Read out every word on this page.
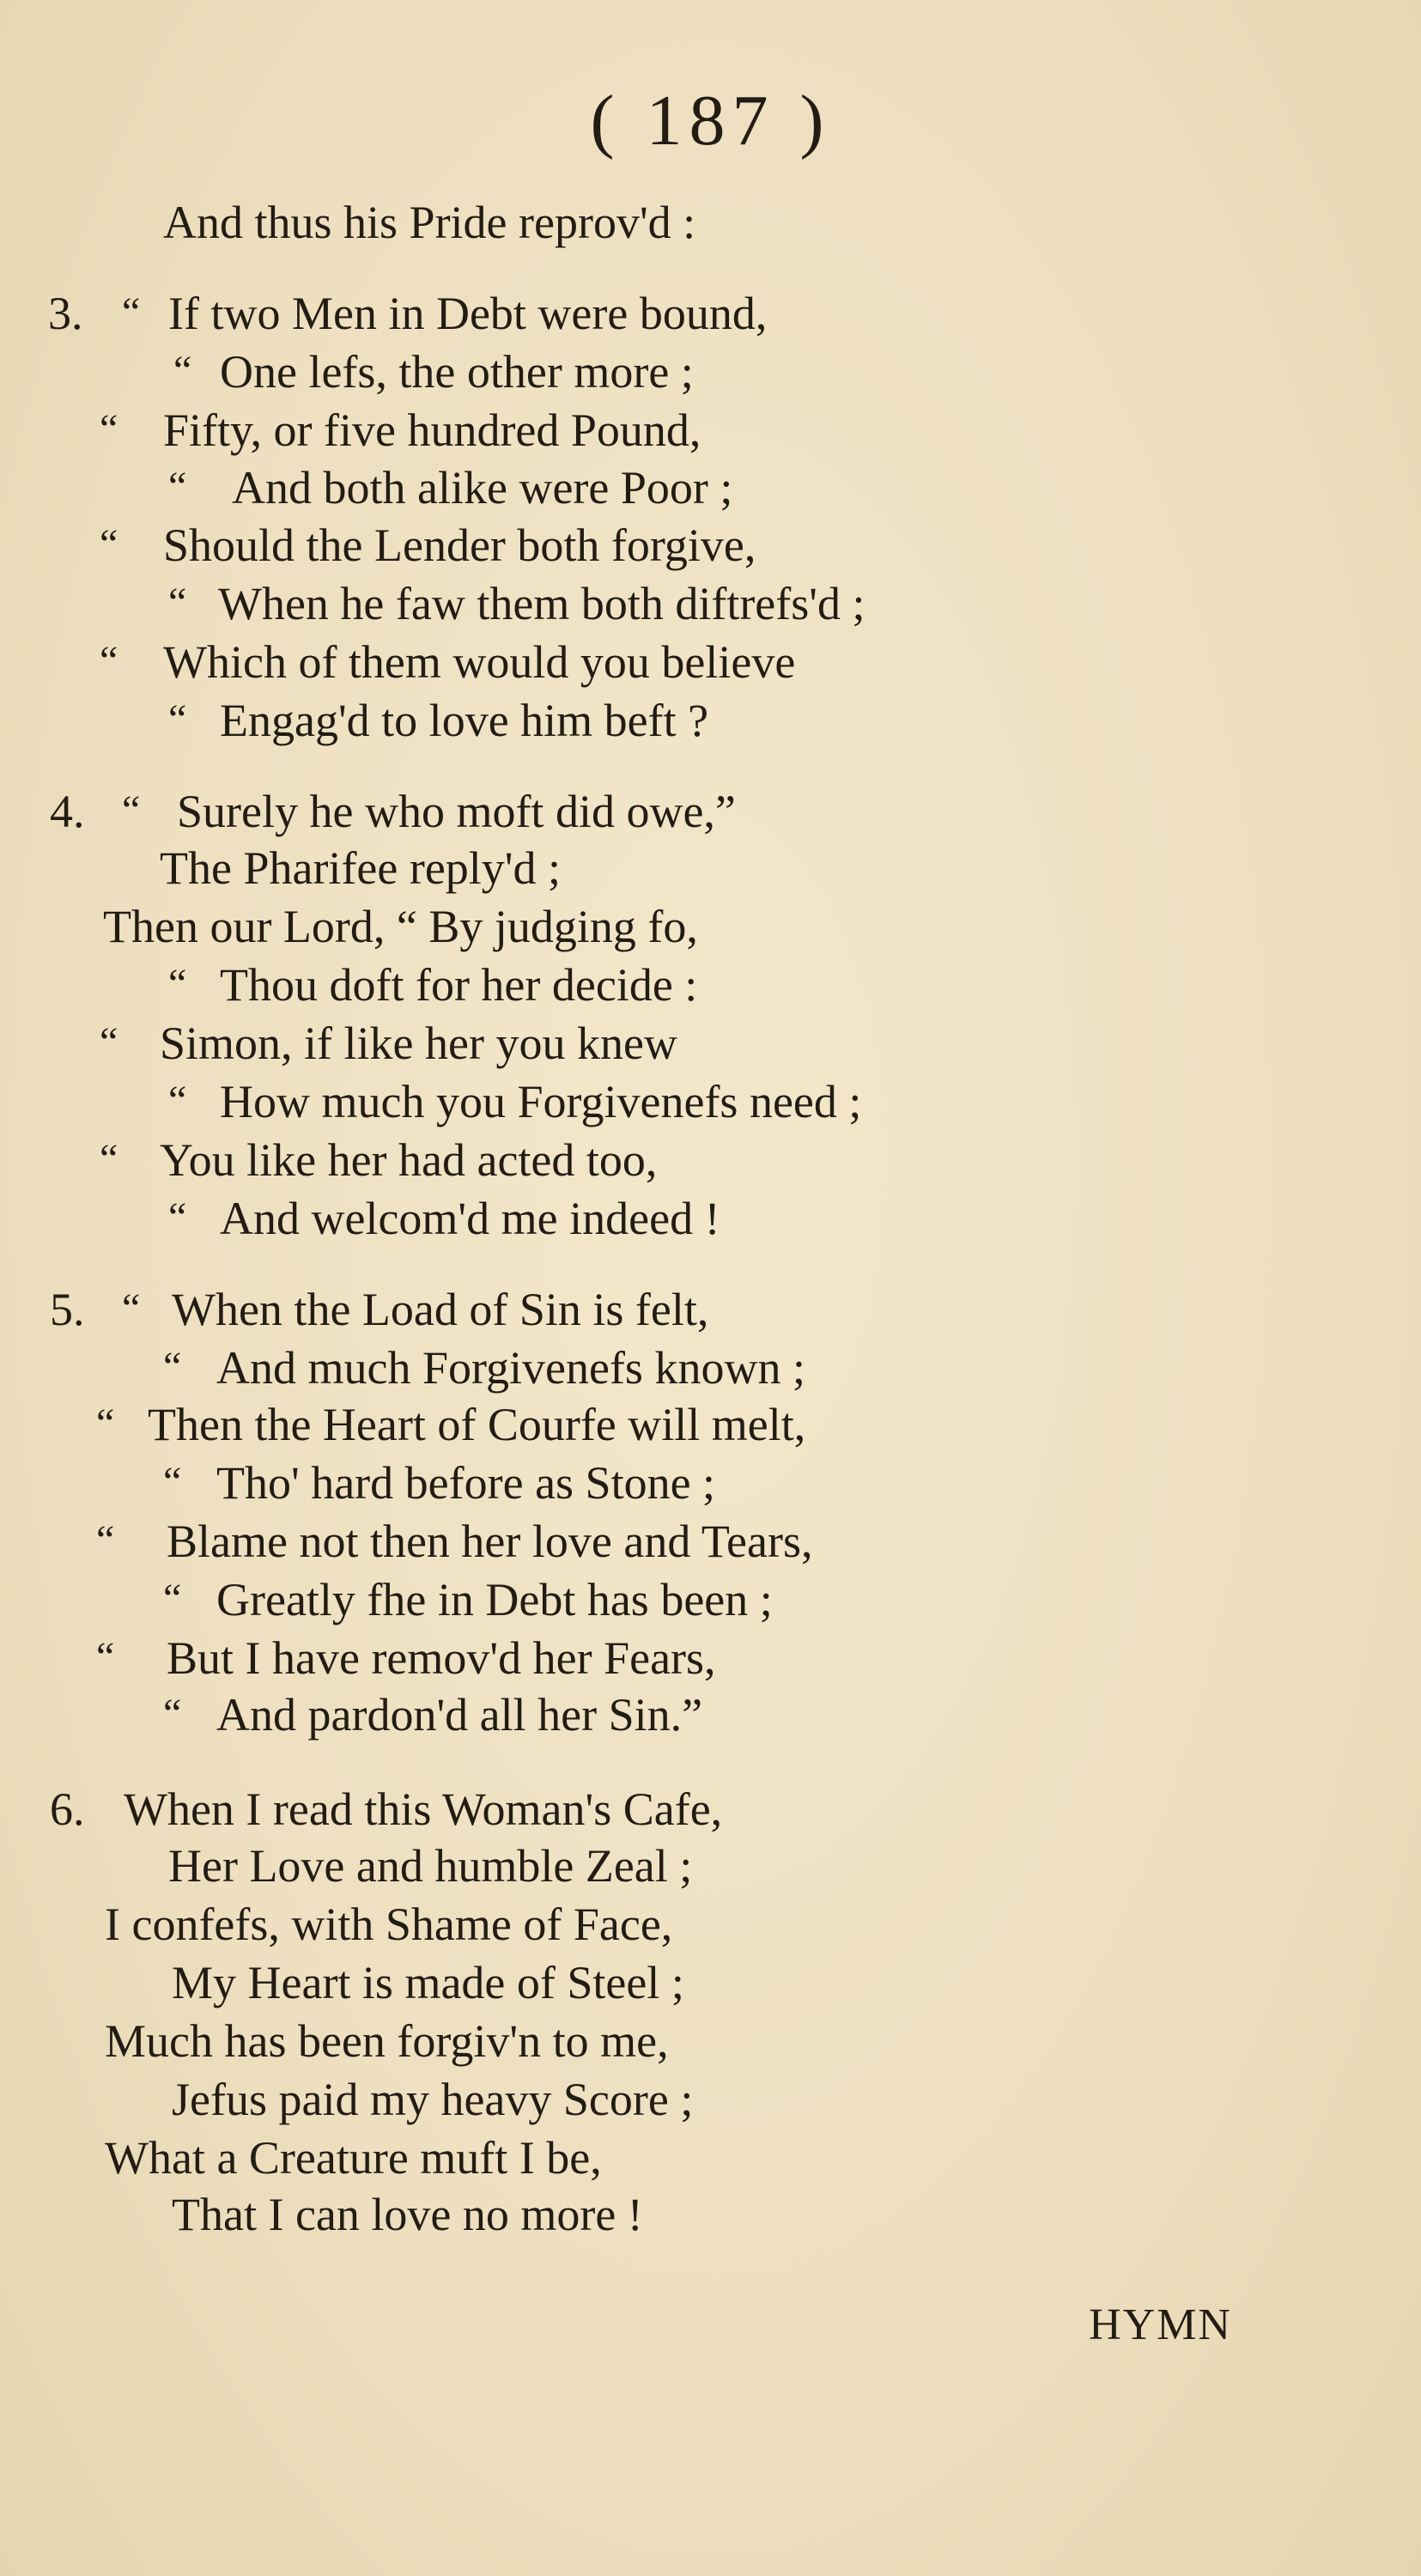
( 187 )
And thus his Pride reprov'd :
3. “ If two Men in Debt were bound,
“ One lefs, the other more ;
“ Fifty, or five hundred Pound,
“ And both alike were Poor ;
“ Should the Lender both forgive,
“ When he faw them both diftrefs'd ;
“ Which of them would you believe
“ Engag'd to love him beft ?
4. “ Surely he who moft did owe,”
The Pharifee reply'd ;
Then our Lord, “ By judging fo,
“ Thou doft for her decide :
“ Simon, if like her you knew
“ How much you Forgivenefs need ;
“ You like her had acted too,
“ And welcom'd me indeed !
5. “ When the Load of Sin is felt,
“ And much Forgivenefs known ;
“ Then the Heart of Courfe will melt,
“ Tho' hard before as Stone ;
“ Blame not then her love and Tears,
“ Greatly fhe in Debt has been ;
“ But I have remov'd her Fears,
“ And pardon'd all her Sin.”
6. When I read this Woman's Cafe,
Her Love and humble Zeal ;
I confefs, with Shame of Face,
My Heart is made of Steel ;
Much has been forgiv'n to me,
Jefus paid my heavy Score ;
What a Creature muft I be,
That I can love no more !
HYMN
